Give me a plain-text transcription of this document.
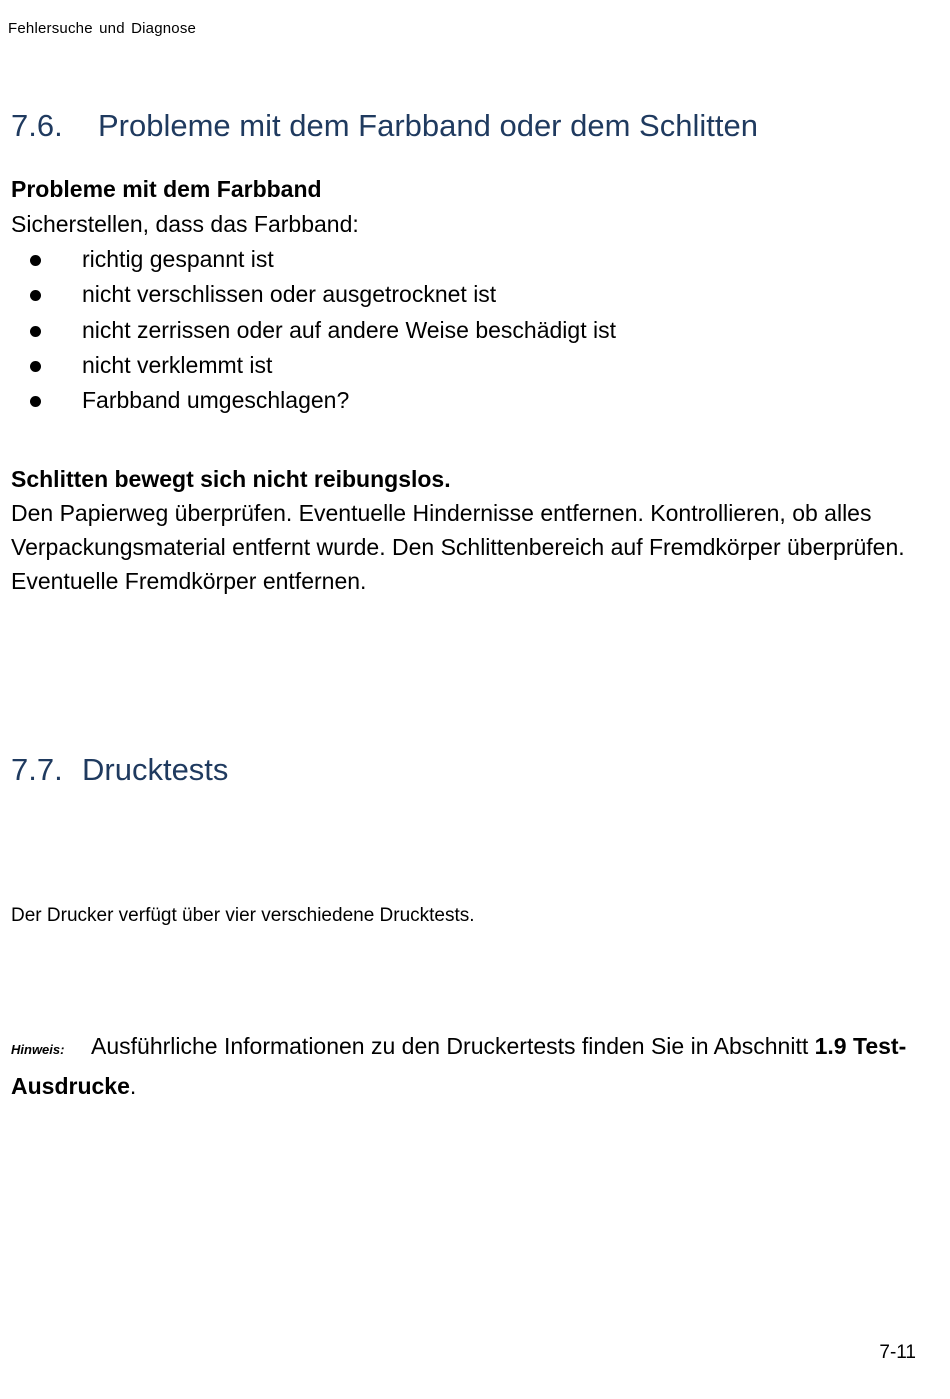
Fehlersuche und Diagnose
7.6. Probleme mit dem Farbband oder dem Schlitten

Probleme mit dem Farbband

Sicherstellen, dass das Farbband:

richtig gespannt ist
nicht verschlissen oder ausgetrocknet ist
nicht zerrissen oder auf andere Weise beschädigt ist
nicht verklemmt ist
Farbband umgeschlagen?

Schlitten bewegt sich nicht reibungslos.

Den Papierweg überprüfen. Eventuelle Hindernisse entfernen. Kontrollieren, ob alles Verpackungsmaterial entfernt wurde. Den Schlittenbereich auf Fremdkörper überprüfen. Eventuelle Fremdkörper entfernen.

7.7. Drucktests

Der Drucker verfügt über vier verschiedene Drucktests.

Hinweis: Ausführliche Informationen zu den Druckertests finden Sie in Abschnitt 1.9 Test-Ausdrucke.

7-11
